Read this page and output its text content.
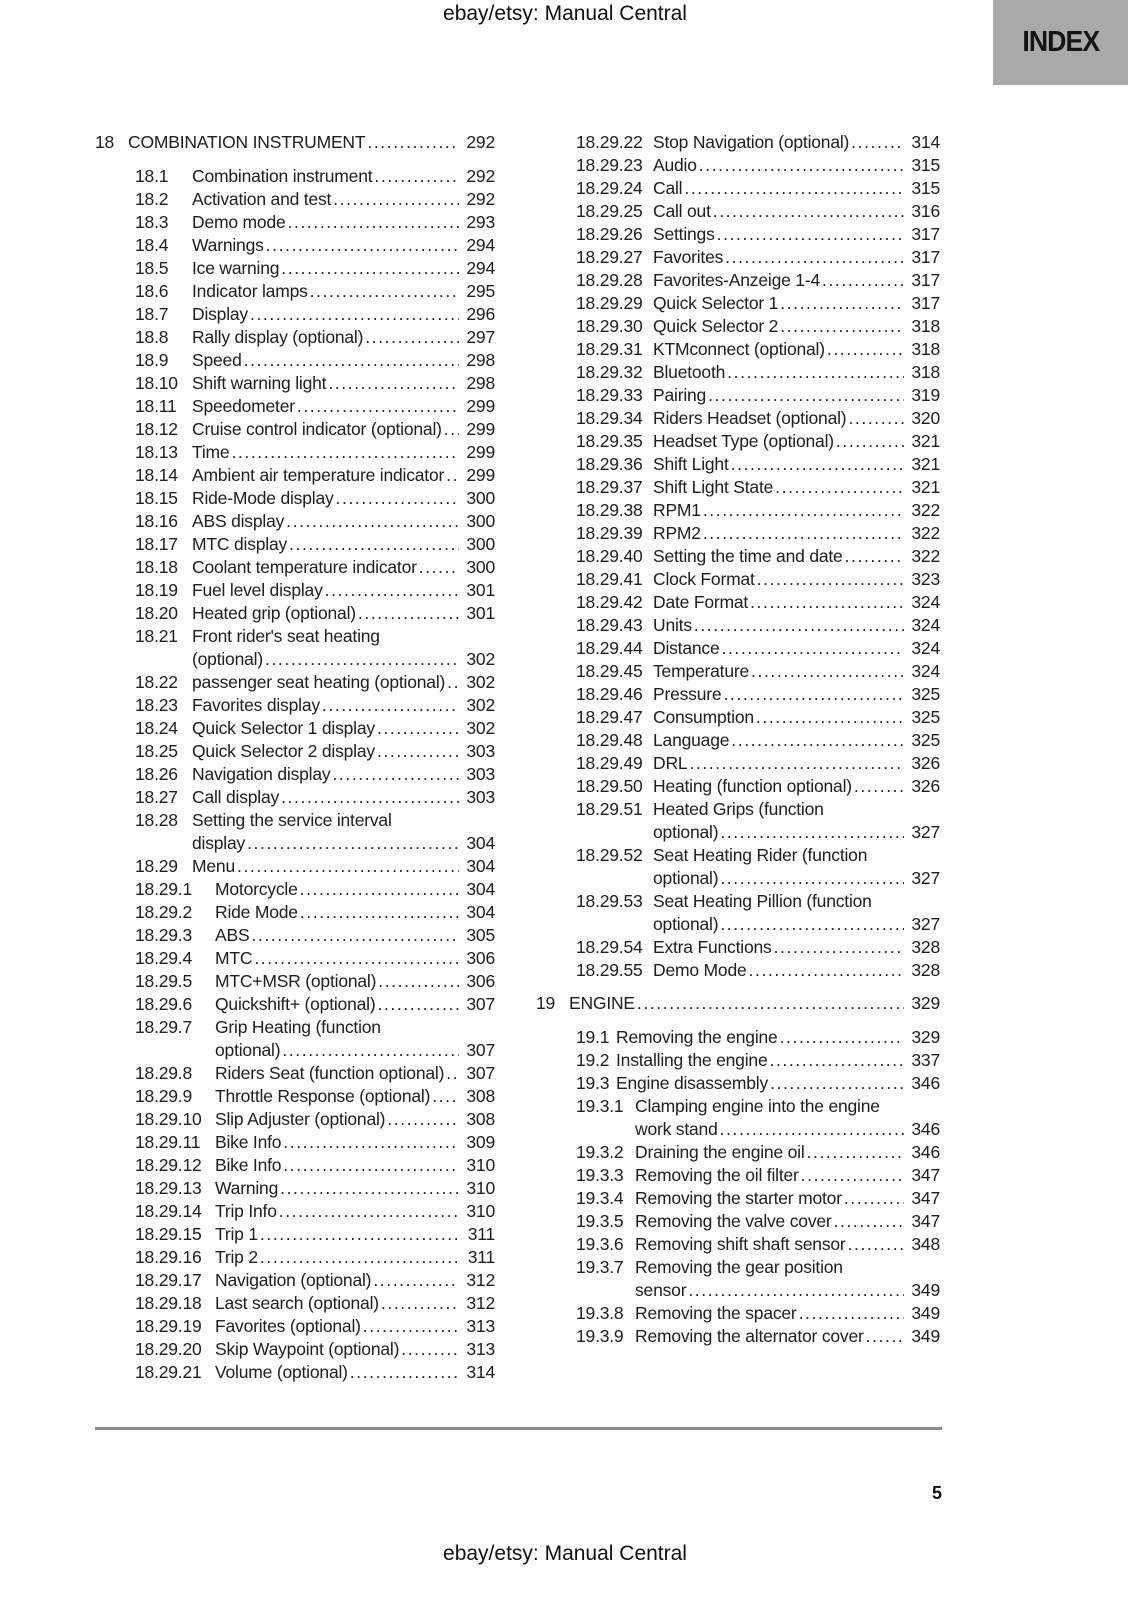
ebay/etsy: Manual Central
INDEX
18 COMBINATION INSTRUMENT .....	292
18.1	Combination instrument .....	292
18.2	Activation and test .....	292
18.3	Demo mode .....	293
18.4	Warnings .....	294
18.5	Ice warning .....	294
18.6	Indicator lamps .....	295
18.7	Display .....	296
18.8	Rally display (optional) .....	297
18.9	Speed .....	298
18.10 Shift warning light .....	298
18.11 Speedometer .....	299
18.12 Cruise control indicator (optional) .....	299
18.13 Time .....	299
18.14 Ambient air temperature indicator .....	299
18.15 Ride-Mode display .....	300
18.16 ABS display .....	300
18.17 MTC display .....	300
18.18 Coolant temperature indicator .....	300
18.19 Fuel level display .....	301
18.20 Heated grip (optional) .....	301
18.21 Front rider's seat heating
(optional) .....	302
18.22 passenger seat heating (optional) .....	302
18.23 Favorites display .....	302
18.24 Quick Selector 1 display .....	302
18.25 Quick Selector 2 display .....	303
18.26 Navigation display .....	303
18.27 Call display .....	303
18.28 Setting the service interval
display .....	304
18.29 Menu .....	304
18.29.1	Motorcycle .....	304
18.29.2	Ride Mode .....	304
18.29.3	ABS .....	305
18.29.4	MTC .....	306
18.29.5	MTC+MSR (optional) .....	306
18.29.6	Quickshift+ (optional) .....	307
18.29.7	Grip Heating (function
optional) .....	307
18.29.8	Riders Seat (function optional) .....	307
18.29.9	Throttle Response (optional) .....	308
18.29.10 Slip Adjuster (optional) .....	308
18.29.11 Bike Info .....	309
18.29.12 Bike Info .....	310
18.29.13 Warning .....	310
18.29.14 Trip Info .....	310
18.29.15 Trip 1 .....	311
18.29.16 Trip 2 .....	311
18.29.17 Navigation (optional) .....	312
18.29.18 Last search (optional) .....	312
18.29.19 Favorites (optional) .....	313
18.29.20 Skip Waypoint (optional) .....	313
18.29.21 Volume (optional) .....	314
18.29.22 Stop Navigation (optional) .....	314
18.29.23 Audio .....	315
18.29.24 Call .....	315
18.29.25 Call out .....	316
18.29.26 Settings .....	317
18.29.27 Favorites .....	317
18.29.28 Favorites-Anzeige 1-4 .....	317
18.29.29 Quick Selector 1 .....	317
18.29.30 Quick Selector 2 .....	318
18.29.31 KTMconnect (optional) .....	318
18.29.32 Bluetooth .....	318
18.29.33 Pairing .....	319
18.29.34 Riders Headset (optional) .....	320
18.29.35 Headset Type (optional) .....	321
18.29.36 Shift Light .....	321
18.29.37 Shift Light State .....	321
18.29.38 RPM1 .....	322
18.29.39 RPM2 .....	322
18.29.40 Setting the time and date .....	322
18.29.41 Clock Format .....	323
18.29.42 Date Format .....	324
18.29.43 Units .....	324
18.29.44 Distance .....	324
18.29.45 Temperature .....	324
18.29.46 Pressure .....	325
18.29.47 Consumption .....	325
18.29.48 Language .....	325
18.29.49 DRL .....	326
18.29.50 Heating (function optional) .....	326
18.29.51 Heated Grips (function
optional) .....	327
18.29.52 Seat Heating Rider (function
optional) .....	327
18.29.53 Seat Heating Pillion (function
optional) .....	327
18.29.54 Extra Functions .....	328
18.29.55 Demo Mode .....	328
19 ENGINE .....	329
19.1 Removing the engine .....	329
19.2 Installing the engine .....	337
19.3 Engine disassembly .....	346
19.3.1 Clamping engine into the engine
work stand .....	346
19.3.2 Draining the engine oil .....	346
19.3.3 Removing the oil filter .....	347
19.3.4 Removing the starter motor .....	347
19.3.5 Removing the valve cover .....	347
19.3.6 Removing shift shaft sensor .....	348
19.3.7 Removing the gear position
sensor .....	349
19.3.8 Removing the spacer .....	349
19.3.9 Removing the alternator cover .....	349
5
ebay/etsy: Manual Central
